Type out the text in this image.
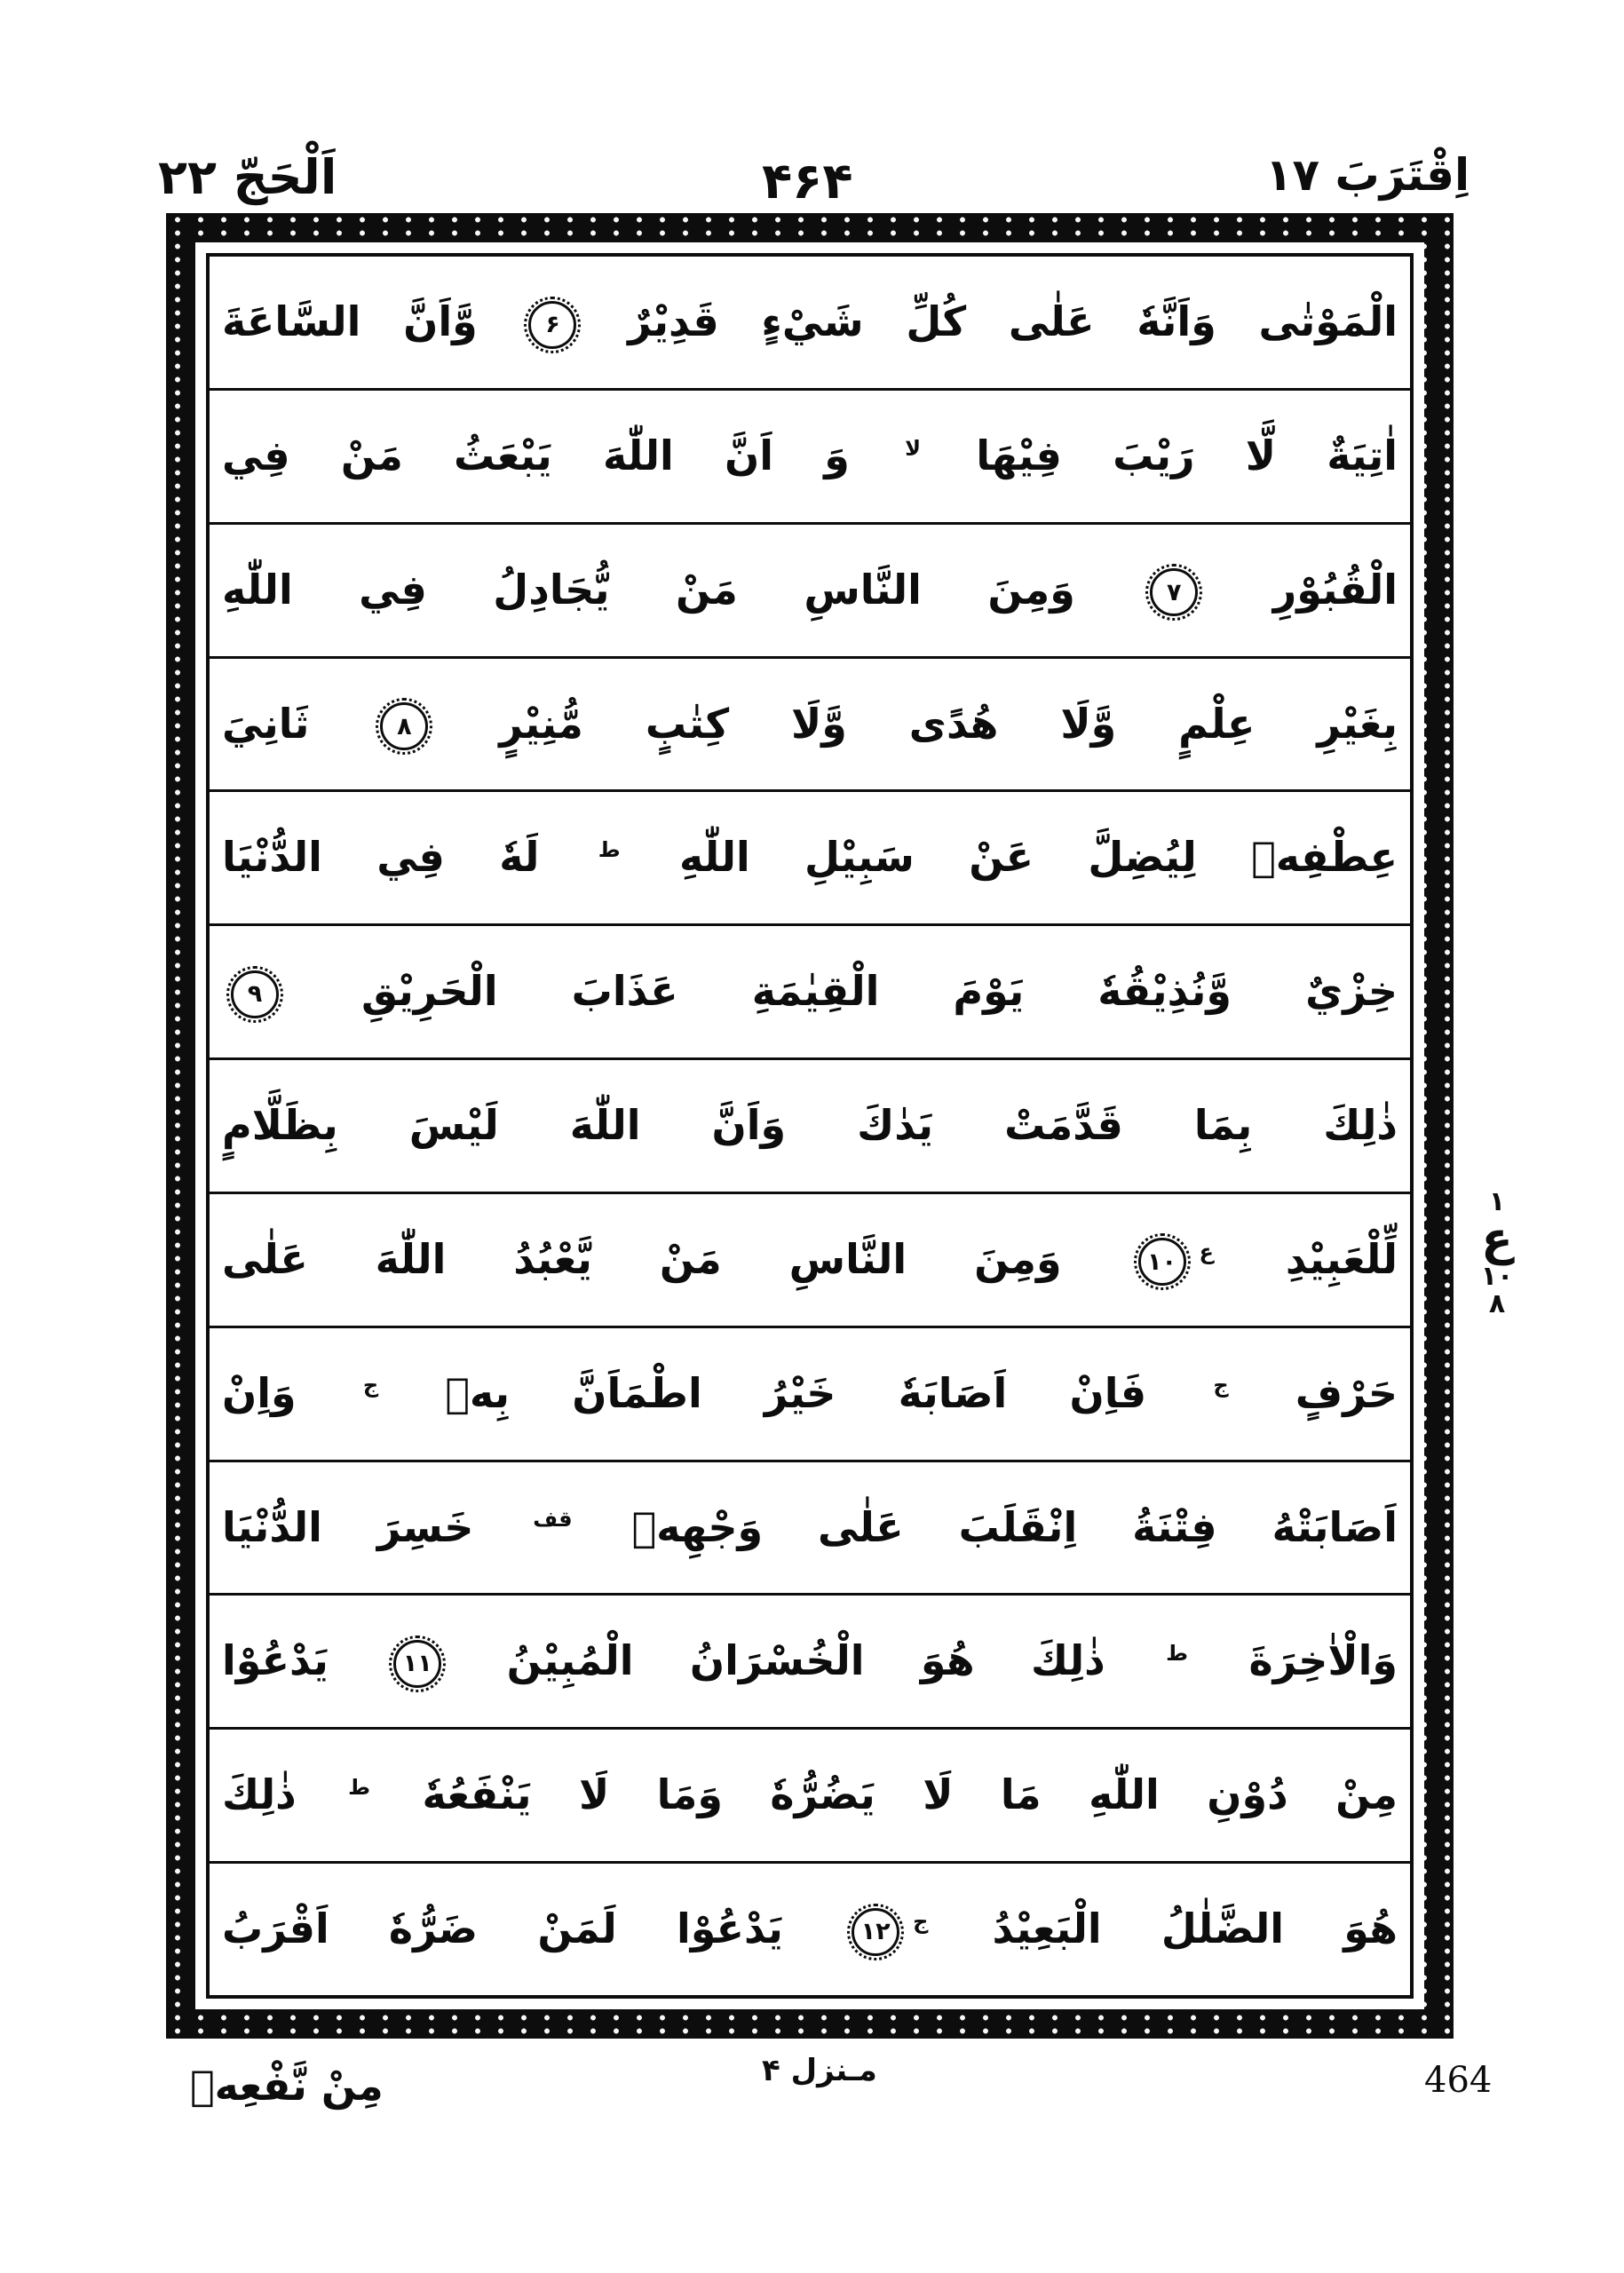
اَلْحَجّ ۲۲	۴۶۴	اِقْتَرَبَ ۱۷
الْمَوْتٰى وَاَنَّهٗ عَلٰى كُلِّ شَيْءٍ قَدِيْرٌ ۶ وَّاَنَّ السَّاعَةَ
اٰتِيَةٌ لَّا رَيْبَ فِيْهَا $^{لا}$ وَ اَنَّ اللّٰهَ يَبْعَثُ مَنْ فِي
الْقُبُوْرِ ۷ وَمِنَ النَّاسِ مَنْ يُّجَادِلُ فِي اللّٰهِ
بِغَيْرِ عِلْمٍ وَّلَا هُدًى وَّلَا كِتٰبٍ مُّنِيْرٍ ۸ ثَانِيَ
عِطْفِهٖ لِيُضِلَّ عَنْ سَبِيْلِ اللّٰهِ $^ط$ لَهٗ فِي الدُّنْيَا
خِزْيٌ وَّنُذِيْقُهٗ يَوْمَ الْقِيٰمَةِ عَذَابَ الْحَرِيْقِ ۹
ذٰلِكَ بِمَا قَدَّمَتْ يَدٰكَ وَاَنَّ اللّٰهَ لَيْسَ بِظَلَّامٍ
لِّلْعَبِيْدِ $^ع$۱۰ وَمِنَ النَّاسِ مَنْ يَّعْبُدُ اللّٰهَ عَلٰى
حَرْفٍ $^ج$ فَاِنْ اَصَابَهٗ خَيْرُ اطْمَاَنَّ بِهٖ $^ج$ وَاِنْ
اَصَابَتْهُ فِتْنَةُ اِنْقَلَبَ عَلٰى وَجْهِهٖ $^{قف}$ خَسِرَ الدُّنْيَا
وَالْاٰخِرَةَ $^ط$ ذٰلِكَ هُوَ الْخُسْرَانُ الْمُبِيْنُ ۱۱ يَدْعُوْا
مِنْ دُوْنِ اللّٰهِ مَا لَا يَضُرُّهٗ وَمَا لَا يَنْفَعُهٗ $^ط$ ذٰلِكَ
هُوَ الضَّلٰلُ الْبَعِيْدُ $^ج$۱۲ يَدْعُوْا لَمَنْ ضَرُّهٗ اَقْرَبُ
١
ع
١٠
٨
مِنْ نَّفْعِهٖ	مـنزل ۴	464
